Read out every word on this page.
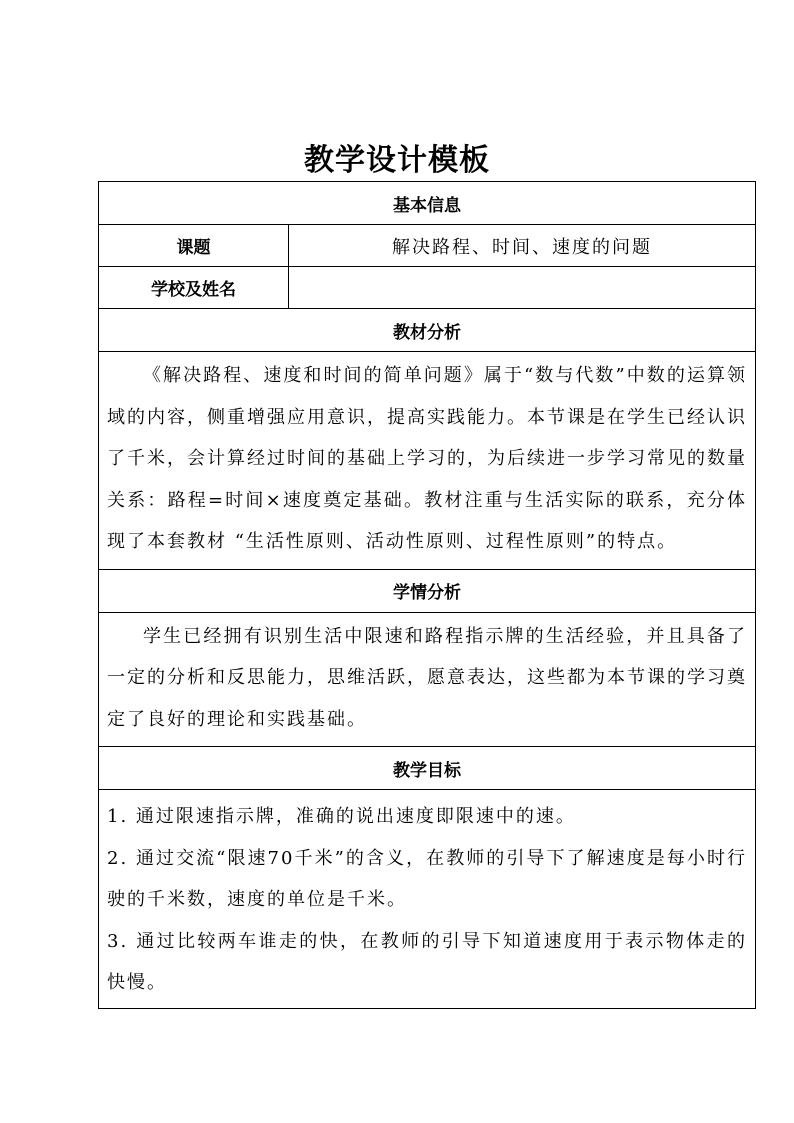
教学设计模板
基本信息	
课题	解决路程、时间、速度的问题
学校及姓名	
教材分析	

《解决路程、速度和时间的简单问题》属于“数与代数”中数的运算领域的内容，侧重增强应用意识，提高实践能力。本节课是在学生已经认识了千米，会计算经过时间的基础上学习的，为后续进一步学习常见的数量关系：路程=时间×速度奠定基础。教材注重与生活实际的联系，充分体现了本套教材 “生活性原则、活动性原则、过程性原则”的特点。	

学情分析	

学生已经拥有识别生活中限速和路程指示牌的生活经验，并且具备了一定的分析和反思能力，思维活跃，愿意表达，这些都为本节课的学习奠定了良好的理论和实践基础。	

教学目标	

1. 通过限速指示牌，准确的说出速度即限速中的速。

2. 通过交流“限速70千米”的含义，在教师的引导下了解速度是每小时行驶的千米数，速度的单位是千米。

3. 通过比较两车谁走的快，在教师的引导下知道速度用于表示物体走的快慢。	
